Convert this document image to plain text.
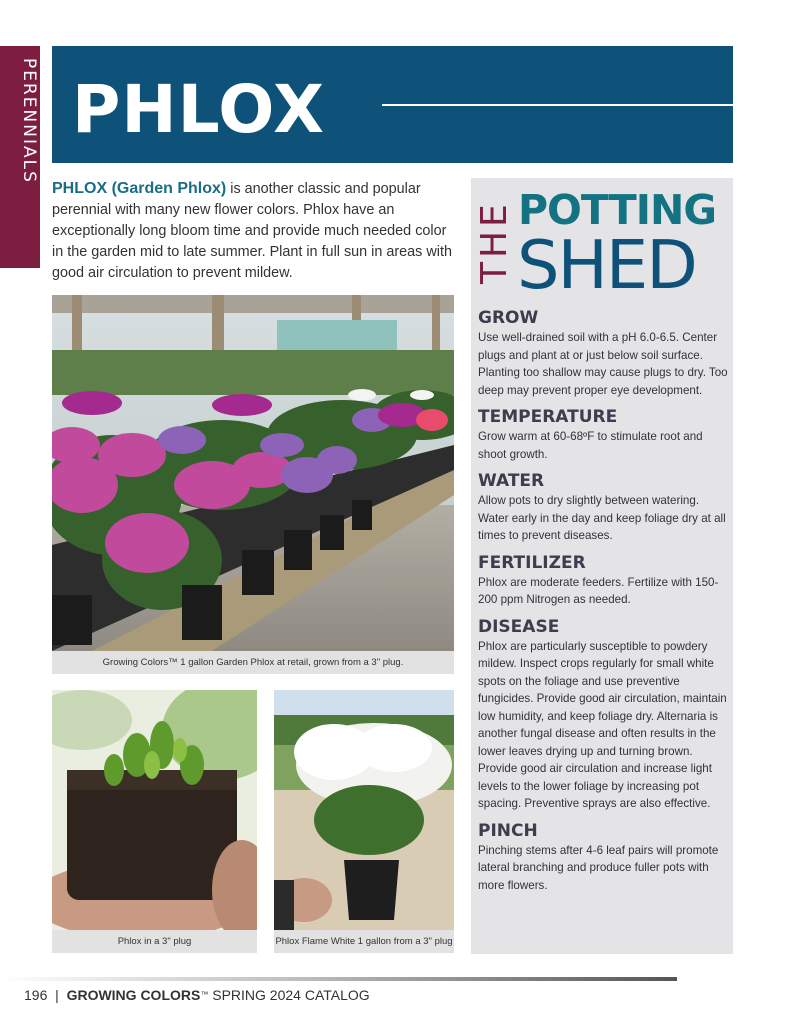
PERENNIALS PHLOX

PHLOX (Garden Phlox) is another classic and popular perennial with many new flower colors. Phlox have an exceptionally long bloom time and provide much needed color in the garden mid to late summer. Plant in full sun in areas with good air circulation to prevent mildew.

Growing Colors™ 1 gallon Garden Phlox at retail, grown from a 3" plug.
Phlox in a 3" plug	Phlox Flame White 1 gallon from a 3" plug
THE POTTING
SHED
GROW

Use well-drained soil with a pH 6.0-6.5. Center plugs and plant at or just below soil surface. Planting too shallow may cause plugs to dry. Too deep may prevent proper eye development.

TEMPERATURE

Grow warm at 60-68ºF to stimulate root and shoot growth.

WATER

Allow pots to dry slightly between watering. Water early in the day and keep foliage dry at all times to prevent diseases.

FERTILIZER

Phlox are moderate feeders. Fertilize with 150-200 ppm Nitrogen as needed.

DISEASE

Phlox are particularly susceptible to powdery mildew. Inspect crops regularly for small white spots on the foliage and use preventive fungicides. Provide good air circulation, maintain low humidity, and keep foliage dry. Alternaria is another fungal disease and often results in the lower leaves drying up and turning brown. Provide good air circulation and increase light levels to the lower foliage by increasing pot spacing. Preventive sprays are also effective.

PINCH

Pinching stems after 4-6 leaf pairs will promote lateral branching and produce fuller pots with more flowers.

196 | GROWING COLORS™ SPRING 2024 CATALOG
